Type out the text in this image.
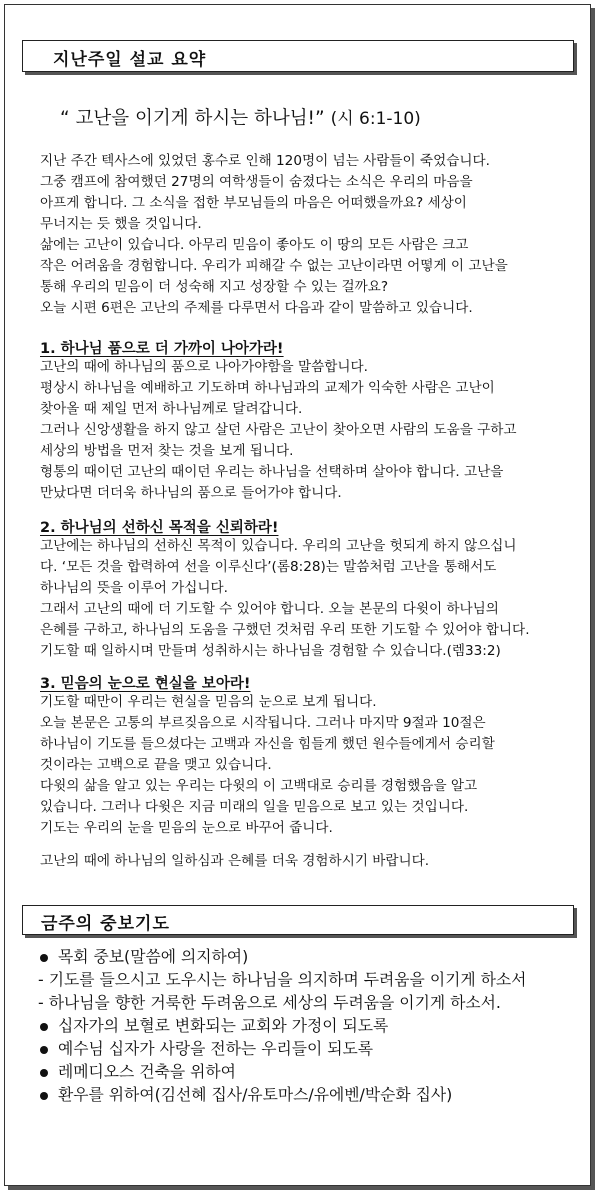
지난주일 설교 요약
“ 고난을 이기게 하시는 하나님!” (시 6:1-10)
지난 주간 텍사스에 있었던 홍수로 인해 120명이 넘는 사람들이 죽었습니다.
그중 캠프에 참여했던 27명의 여학생들이 숨졌다는 소식은 우리의 마음을
아프게 합니다. 그 소식을 접한 부모님들의 마음은 어떠했을까요? 세상이
무너지는 듯 했을 것입니다.
삶에는 고난이 있습니다. 아무리 믿음이 좋아도 이 땅의 모든 사람은 크고
작은 어려움을 경험합니다. 우리가 피해갈 수 없는 고난이라면 어떻게 이 고난을
통해 우리의 믿음이 더 성숙해 지고 성장할 수 있는 걸까요?
오늘 시편 6편은 고난의 주제를 다루면서 다음과 같이 말씀하고 있습니다.
1. 하나님 품으로 더 가까이 나아가라!
고난의 때에 하나님의 품으로 나아가야함을 말씀합니다.
평상시 하나님을 예배하고 기도하며 하나님과의 교제가 익숙한 사람은 고난이
찾아올 때 제일 먼저 하나님께로 달려갑니다.
그러나 신앙생활을 하지 않고 살던 사람은 고난이 찾아오면 사람의 도움을 구하고
세상의 방법을 먼저 찾는 것을 보게 됩니다.
형통의 때이던 고난의 때이던 우리는 하나님을 선택하며 살아야 합니다. 고난을
만났다면 더더욱 하나님의 품으로 들어가야 합니다.
2. 하나님의 선하신 목적을 신뢰하라!
고난에는 하나님의 선하신 목적이 있습니다. 우리의 고난을 헛되게 하지 않으십니
다. ‘모든 것을 합력하여 선을 이루신다’(롬8:28)는 말씀처럼 고난을 통해서도
하나님의 뜻을 이루어 가십니다.
그래서 고난의 때에 더 기도할 수 있어야 합니다. 오늘 본문의 다윗이 하나님의
은혜를 구하고, 하나님의 도움을 구했던 것처럼 우리 또한 기도할 수 있어야 합니다.
기도할 때 일하시며 만들며 성취하시는 하나님을 경험할 수 있습니다.(렘33:2)
3. 믿음의 눈으로 현실을 보아라!
기도할 때만이 우리는 현실을 믿음의 눈으로 보게 됩니다.
오늘 본문은 고통의 부르짖음으로 시작됩니다. 그러나 마지막 9절과 10절은
하나님이 기도를 들으셨다는 고백과 자신을 힘들게 했던 원수들에게서 승리할
것이라는 고백으로 끝을 맺고 있습니다.
다윗의 삶을 알고 있는 우리는 다윗의 이 고백대로 승리를 경험했음을 알고
있습니다. 그러나 다윗은 지금 미래의 일을 믿음으로 보고 있는 것입니다.
기도는 우리의 눈을 믿음의 눈으로 바꾸어 줍니다.
고난의 때에 하나님의 일하심과 은혜를 더욱 경험하시기 바랍니다.
금주의 중보기도
목회 중보(말씀에 의지하여)
- 기도를 들으시고 도우시는 하나님을 의지하며 두려움을 이기게 하소서
- 하나님을 향한 거룩한 두려움으로 세상의 두려움을 이기게 하소서.
십자가의 보혈로 변화되는 교회와 가정이 되도록
예수님 십자가 사랑을 전하는 우리들이 되도록
레메디오스 건축을 위하여
환우를 위하여(김선혜 집사/유토마스/유에벤/박순화 집사)
